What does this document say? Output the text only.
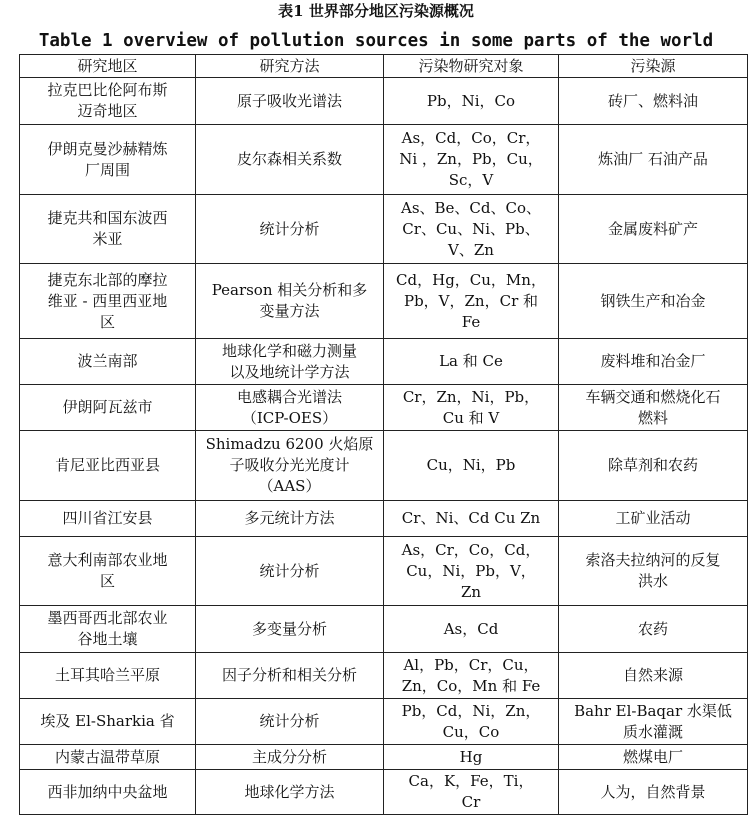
表1 世界部分地区污染源概况
Table 1 overview of pollution sources in some parts of the world
研究地区	研究方法	污染物研究对象	污染源

拉克巴比伦阿布斯
迈奇地区	原子吸收光谱法	Pb，Ni，Co	砖厂、燃料油

伊朗克曼沙赫精炼
厂周围	皮尔森相关系数	As，Cd，Co，Cr，
Ni ，Zn，Pb，Cu，
Sc，V	炼油厂 石油产品

捷克共和国东波西
米亚	统计分析	As、Be、Cd、Co、
Cr、Cu、Ni、Pb、
V、Zn	金属废料矿产

捷克东北部的摩拉
维亚 - 西里西亚地
区	Pearson 相关分析和多
变量方法	Cd，Hg，Cu，Mn，
Pb，V，Zn，Cr 和
Fe	钢铁生产和冶金

波兰南部	地球化学和磁力测量
以及地统计学方法	La 和 Ce	废料堆和冶金厂

伊朗阿瓦兹市	电感耦合光谱法
（ICP-OES）	Cr，Zn，Ni，Pb，
Cu 和 V	车辆交通和燃烧化石
燃料

肯尼亚比西亚县	Shimadzu 6200 火焰原
子吸收分光光度计
（AAS）	Cu，Ni，Pb	除草剂和农药

四川省江安县	多元统计方法	Cr、Ni、Cd Cu Zn	工矿业活动

意大利南部农业地
区	统计分析	As，Cr，Co，Cd，
Cu，Ni，Pb，V，
Zn	索洛夫拉纳河的反复
洪水

墨西哥西北部农业
谷地土壤	多变量分析	As，Cd	农药

土耳其哈兰平原	因子分析和相关分析	Al，Pb，Cr，Cu，
Zn，Co，Mn 和 Fe	自然来源

埃及 El-Sharkia 省	统计分析	Pb，Cd，Ni，Zn，
Cu，Co	Bahr El-Baqar 水渠低
质水灌溉

内蒙古温带草原	主成分分析	Hg	燃煤电厂

西非加纳中央盆地	地球化学方法	Ca，K，Fe，Ti，
Cr	人为，自然背景
